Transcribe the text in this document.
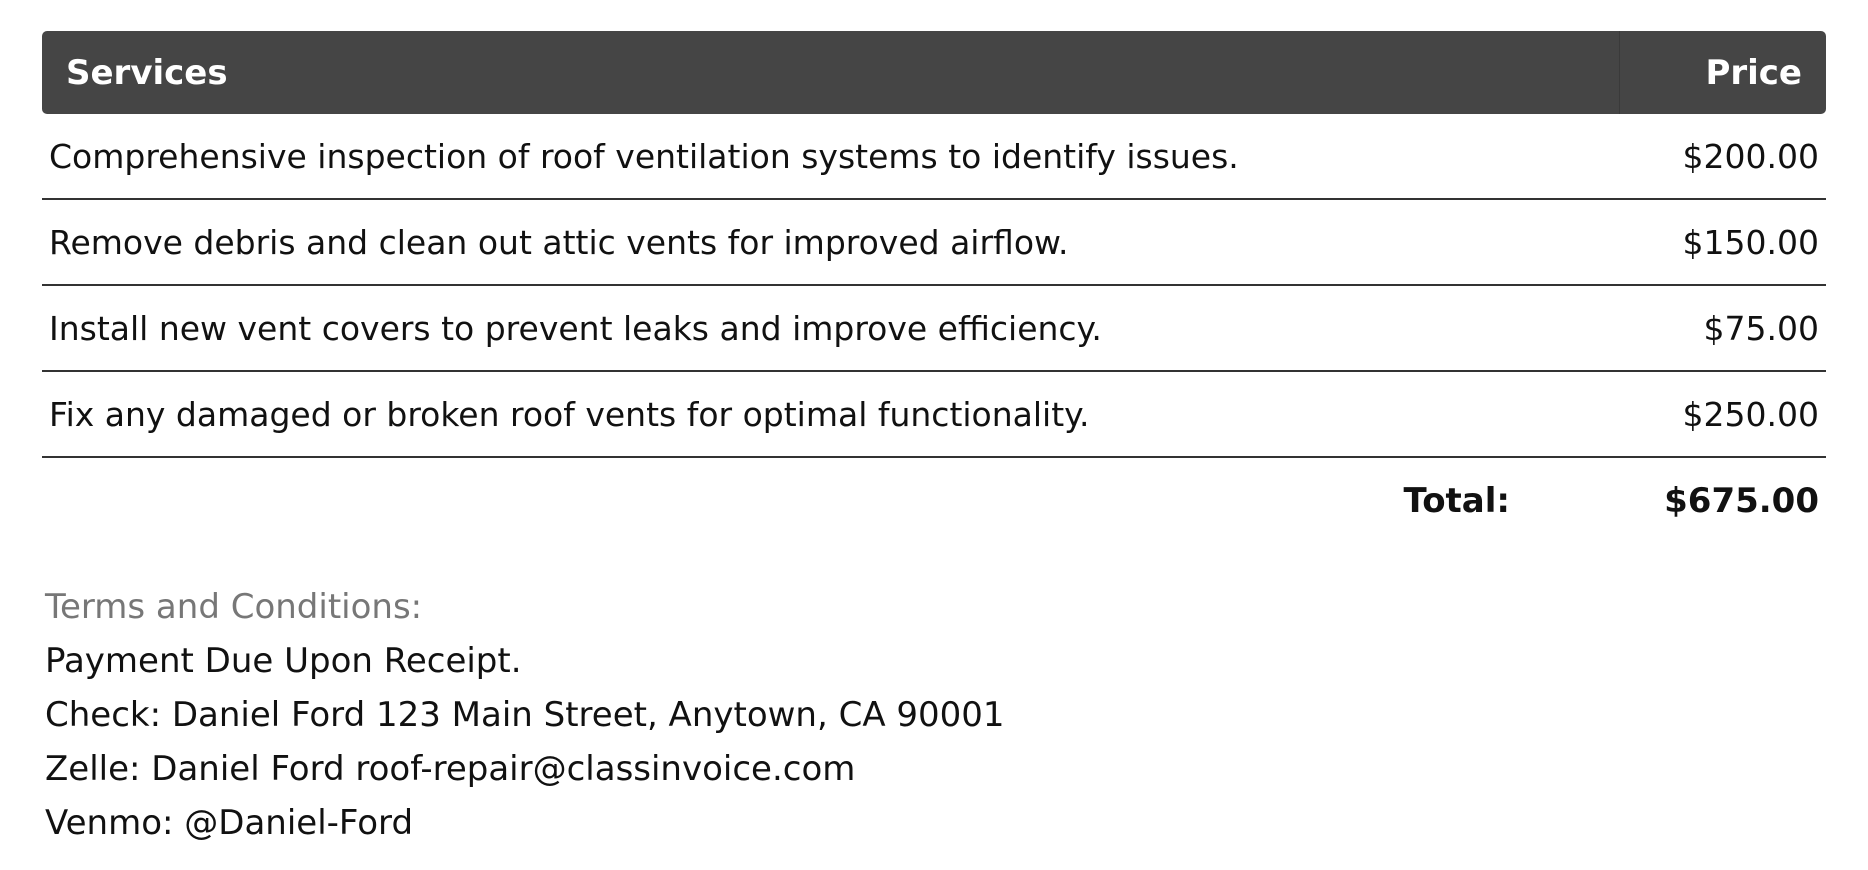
Services	Price
Comprehensive inspection of roof ventilation systems to identify issues.	$200.00
Remove debris and clean out attic vents for improved airflow.	$150.00
Install new vent covers to prevent leaks and improve efficiency.	$75.00
Fix any damaged or broken roof vents for optimal functionality.	$250.00
Total:	$675.00
Terms and Conditions:
Payment Due Upon Receipt.
Check: Daniel Ford 123 Main Street, Anytown, CA 90001
Zelle: Daniel Ford roof-repair@classinvoice.com
Venmo: @Daniel-Ford
